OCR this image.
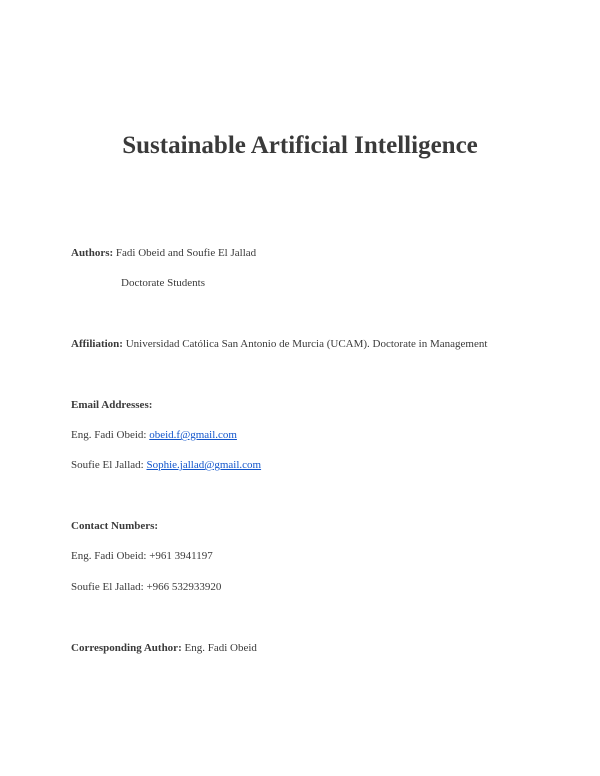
Sustainable Artificial Intelligence
Authors: Fadi Obeid and Soufie El Jallad
Doctorate Students
Affiliation: Universidad Católica San Antonio de Murcia (UCAM). Doctorate in Management
Email Addresses:
Eng. Fadi Obeid: obeid.f@gmail.com
Soufie El Jallad: Sophie.jallad@gmail.com
Contact Numbers:
Eng. Fadi Obeid: +961 3941197
Soufie El Jallad: +966 532933920
Corresponding Author: Eng. Fadi Obeid
